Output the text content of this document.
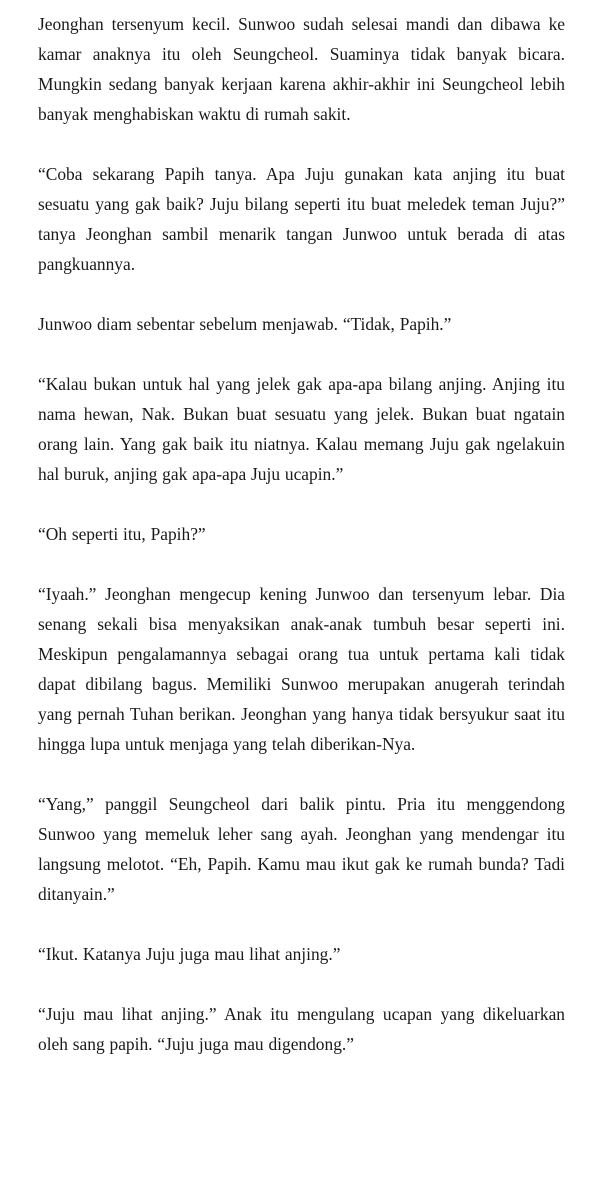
Jeonghan tersenyum kecil. Sunwoo sudah selesai mandi dan dibawa ke kamar anaknya itu oleh Seungcheol. Suaminya tidak banyak bicara. Mungkin sedang banyak kerjaan karena akhir-akhir ini Seungcheol lebih banyak menghabiskan waktu di rumah sakit.

“Coba sekarang Papih tanya. Apa Juju gunakan kata anjing itu buat sesuatu yang gak baik? Juju bilang seperti itu buat meledek teman Juju?” tanya Jeonghan sambil menarik tangan Junwoo untuk berada di atas pangkuannya.

Junwoo diam sebentar sebelum menjawab. “Tidak, Papih.”

“Kalau bukan untuk hal yang jelek gak apa-apa bilang anjing. Anjing itu nama hewan, Nak. Bukan buat sesuatu yang jelek. Bukan buat ngatain orang lain. Yang gak baik itu niatnya. Kalau memang Juju gak ngelakuin hal buruk, anjing gak apa-apa Juju ucapin.”

“Oh seperti itu, Papih?”

“Iyaah.” Jeonghan mengecup kening Junwoo dan tersenyum lebar. Dia senang sekali bisa menyaksikan anak-anak tumbuh besar seperti ini. Meskipun pengalamannya sebagai orang tua untuk pertama kali tidak dapat dibilang bagus. Memiliki Sunwoo merupakan anugerah terindah yang pernah Tuhan berikan. Jeonghan yang hanya tidak bersyukur saat itu hingga lupa untuk menjaga yang telah diberikan-Nya.

“Yang,” panggil Seungcheol dari balik pintu. Pria itu menggendong Sunwoo yang memeluk leher sang ayah. Jeonghan yang mendengar itu langsung melotot. “Eh, Papih. Kamu mau ikut gak ke rumah bunda? Tadi ditanyain.”

“Ikut. Katanya Juju juga mau lihat anjing.”

“Juju mau lihat anjing.” Anak itu mengulang ucapan yang dikeluarkan oleh sang papih. “Juju juga mau digendong.”
